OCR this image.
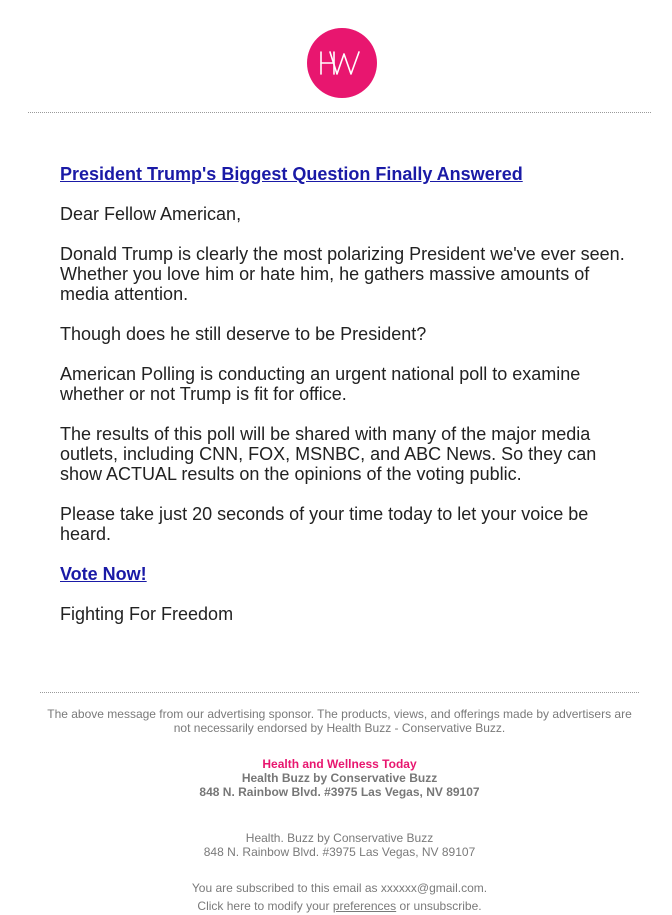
HW

President Trump's Biggest Question Finally Answered

Dear Fellow American,

Donald Trump is clearly the most polarizing President we've ever seen. Whether you love him or hate him, he gathers massive amounts of media attention.

Though does he still deserve to be President?

American Polling is conducting an urgent national poll to examine whether or not Trump is fit for office.

The results of this poll will be shared with many of the major media outlets, including CNN, FOX, MSNBC, and ABC News. So they can show ACTUAL results on the opinions of the voting public.

Please take just 20 seconds of your time today to let your voice be heard.

Vote Now!

Fighting For Freedom

The above message from our advertising sponsor. The products, views, and offerings made by advertisers are not necessarily endorsed by Health Buzz - Conservative Buzz.

Health and Wellness Today

Health Buzz by Conservative Buzz

848 N. Rainbow Blvd. #3975 Las Vegas, NV 89107

Health. Buzz by Conservative Buzz

848 N. Rainbow Blvd. #3975 Las Vegas, NV 89107

You are subscribed to this email as xxxxxx@gmail.com.

Click here to modify your preferences or unsubscribe.
